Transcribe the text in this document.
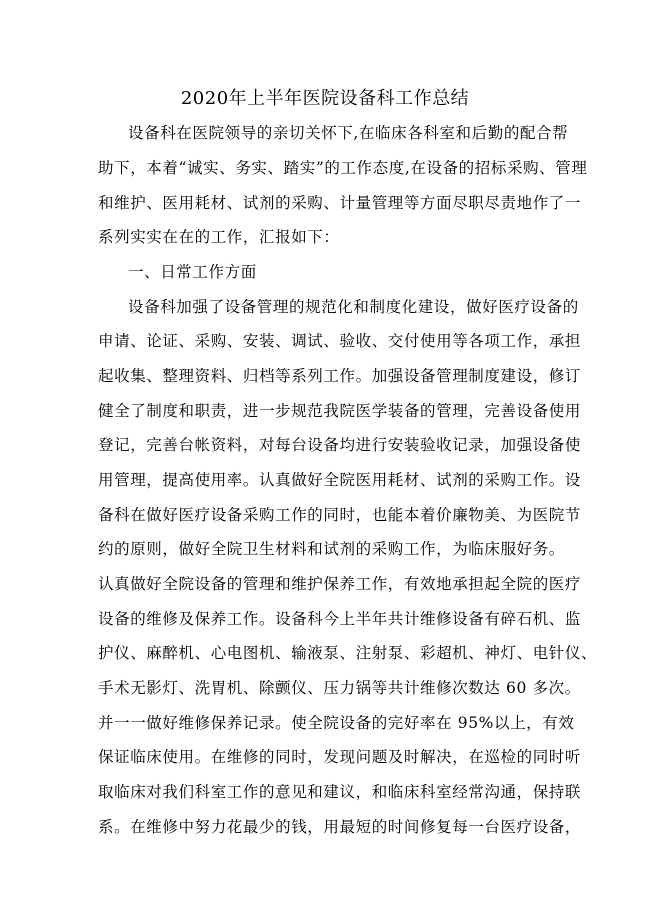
2020年上半年医院设备科工作总结
设备科在医院领导的亲切关怀下,在临床各科室和后勤的配合帮
助下，本着“诚实、务实、踏实”的工作态度,在设备的招标采购、管理
和维护、医用耗材、试剂的采购、计量管理等方面尽职尽责地作了一
系列实实在在的工作，汇报如下：
一、日常工作方面
设备科加强了设备管理的规范化和制度化建设，做好医疗设备的
申请、论证、采购、安装、调试、验收、交付使用等各项工作，承担
起收集、整理资料、归档等系列工作。加强设备管理制度建设，修订
健全了制度和职责，进一步规范我院医学装备的管理，完善设备使用
登记，完善台帐资料，对每台设备均进行安装验收记录，加强设备使
用管理，提高使用率。认真做好全院医用耗材、试剂的采购工作。设
备科在做好医疗设备采购工作的同时，也能本着价廉物美、为医院节
约的原则，做好全院卫生材料和试剂的采购工作，为临床服好务。
认真做好全院设备的管理和维护保养工作，有效地承担起全院的医疗
设备的维修及保养工作。设备科今上半年共计维修设备有碎石机、监
护仪、麻醉机、心电图机、输液泵、注射泵、彩超机、神灯、电针仪、
手术无影灯、洗胃机、除颤仪、压力锅等共计维修次数达 60 多次。
并一一做好维修保养记录。使全院设备的完好率在 95%以上，有效
保证临床使用。在维修的同时，发现问题及时解决，在巡检的同时听
取临床对我们科室工作的意见和建议，和临床科室经常沟通，保持联
系。在维修中努力花最少的钱，用最短的时间修复每一台医疗设备，
